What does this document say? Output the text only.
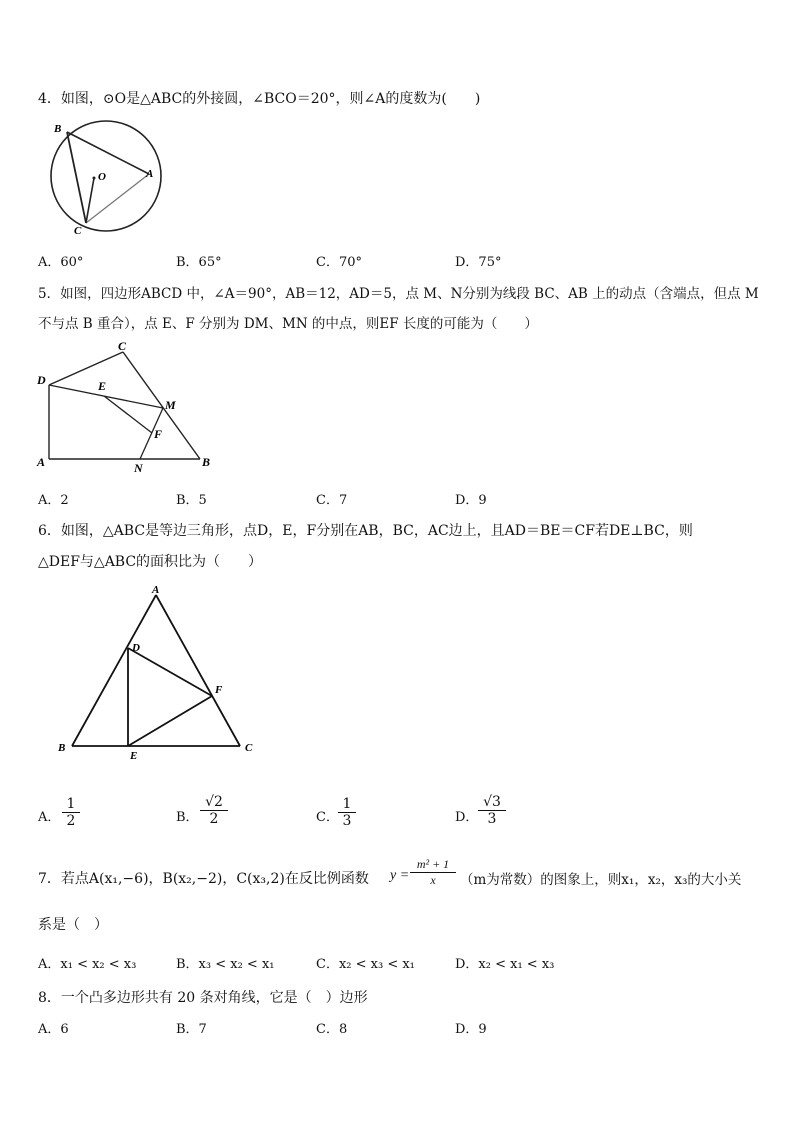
4．如图，⊙O是△ABC的外接圆，∠BCO＝20°，则∠A的度数为(　　)
B
O	A
C
A．60°	B．65°	C．70°	D．75°
5．如图，四边形ABCD 中，∠A＝90°，AB＝12，AD＝5，点 M、N分别为线段 BC、AB 上的动点（含端点，但点 M
不与点 B 重合），点 E、F 分别为 DM、MN 的中点，则EF 长度的可能为（　　）
C
D	E
M
F
A	N	B
A．2	B．5	C．7	D．9
6．如图，△ABC是等边三角形，点D，E，F分别在AB，BC，AC边上，且AD＝BE＝CF若DE⊥BC，则
△DEF与△ABC的面积比为（　　）
A
D
F
B
E
C
A． $\frac{1}{2}$	B． $\frac{√2}{2}$	C． $\frac{1}{3}$	D． $\frac{√3}{3}$
7．若点A(x₁,−6)，B(x₂,−2)，C(x₃,2)在反比例函数 $y = \frac{\text{m² + 1}}{x} (m$为常数）的图象上，则x₁，x₂，x₃的大小关
系是（　）
A．x₁ < x₂ < x₃	B．x₃ < x₂ < x₁	C．x₂ < x₃ < x₁	D．x₂ < x₁ < x₃
8．一个凸多边形共有 20 条对角线，它是（　）边形
A．6	B．7	C．8	D．9
